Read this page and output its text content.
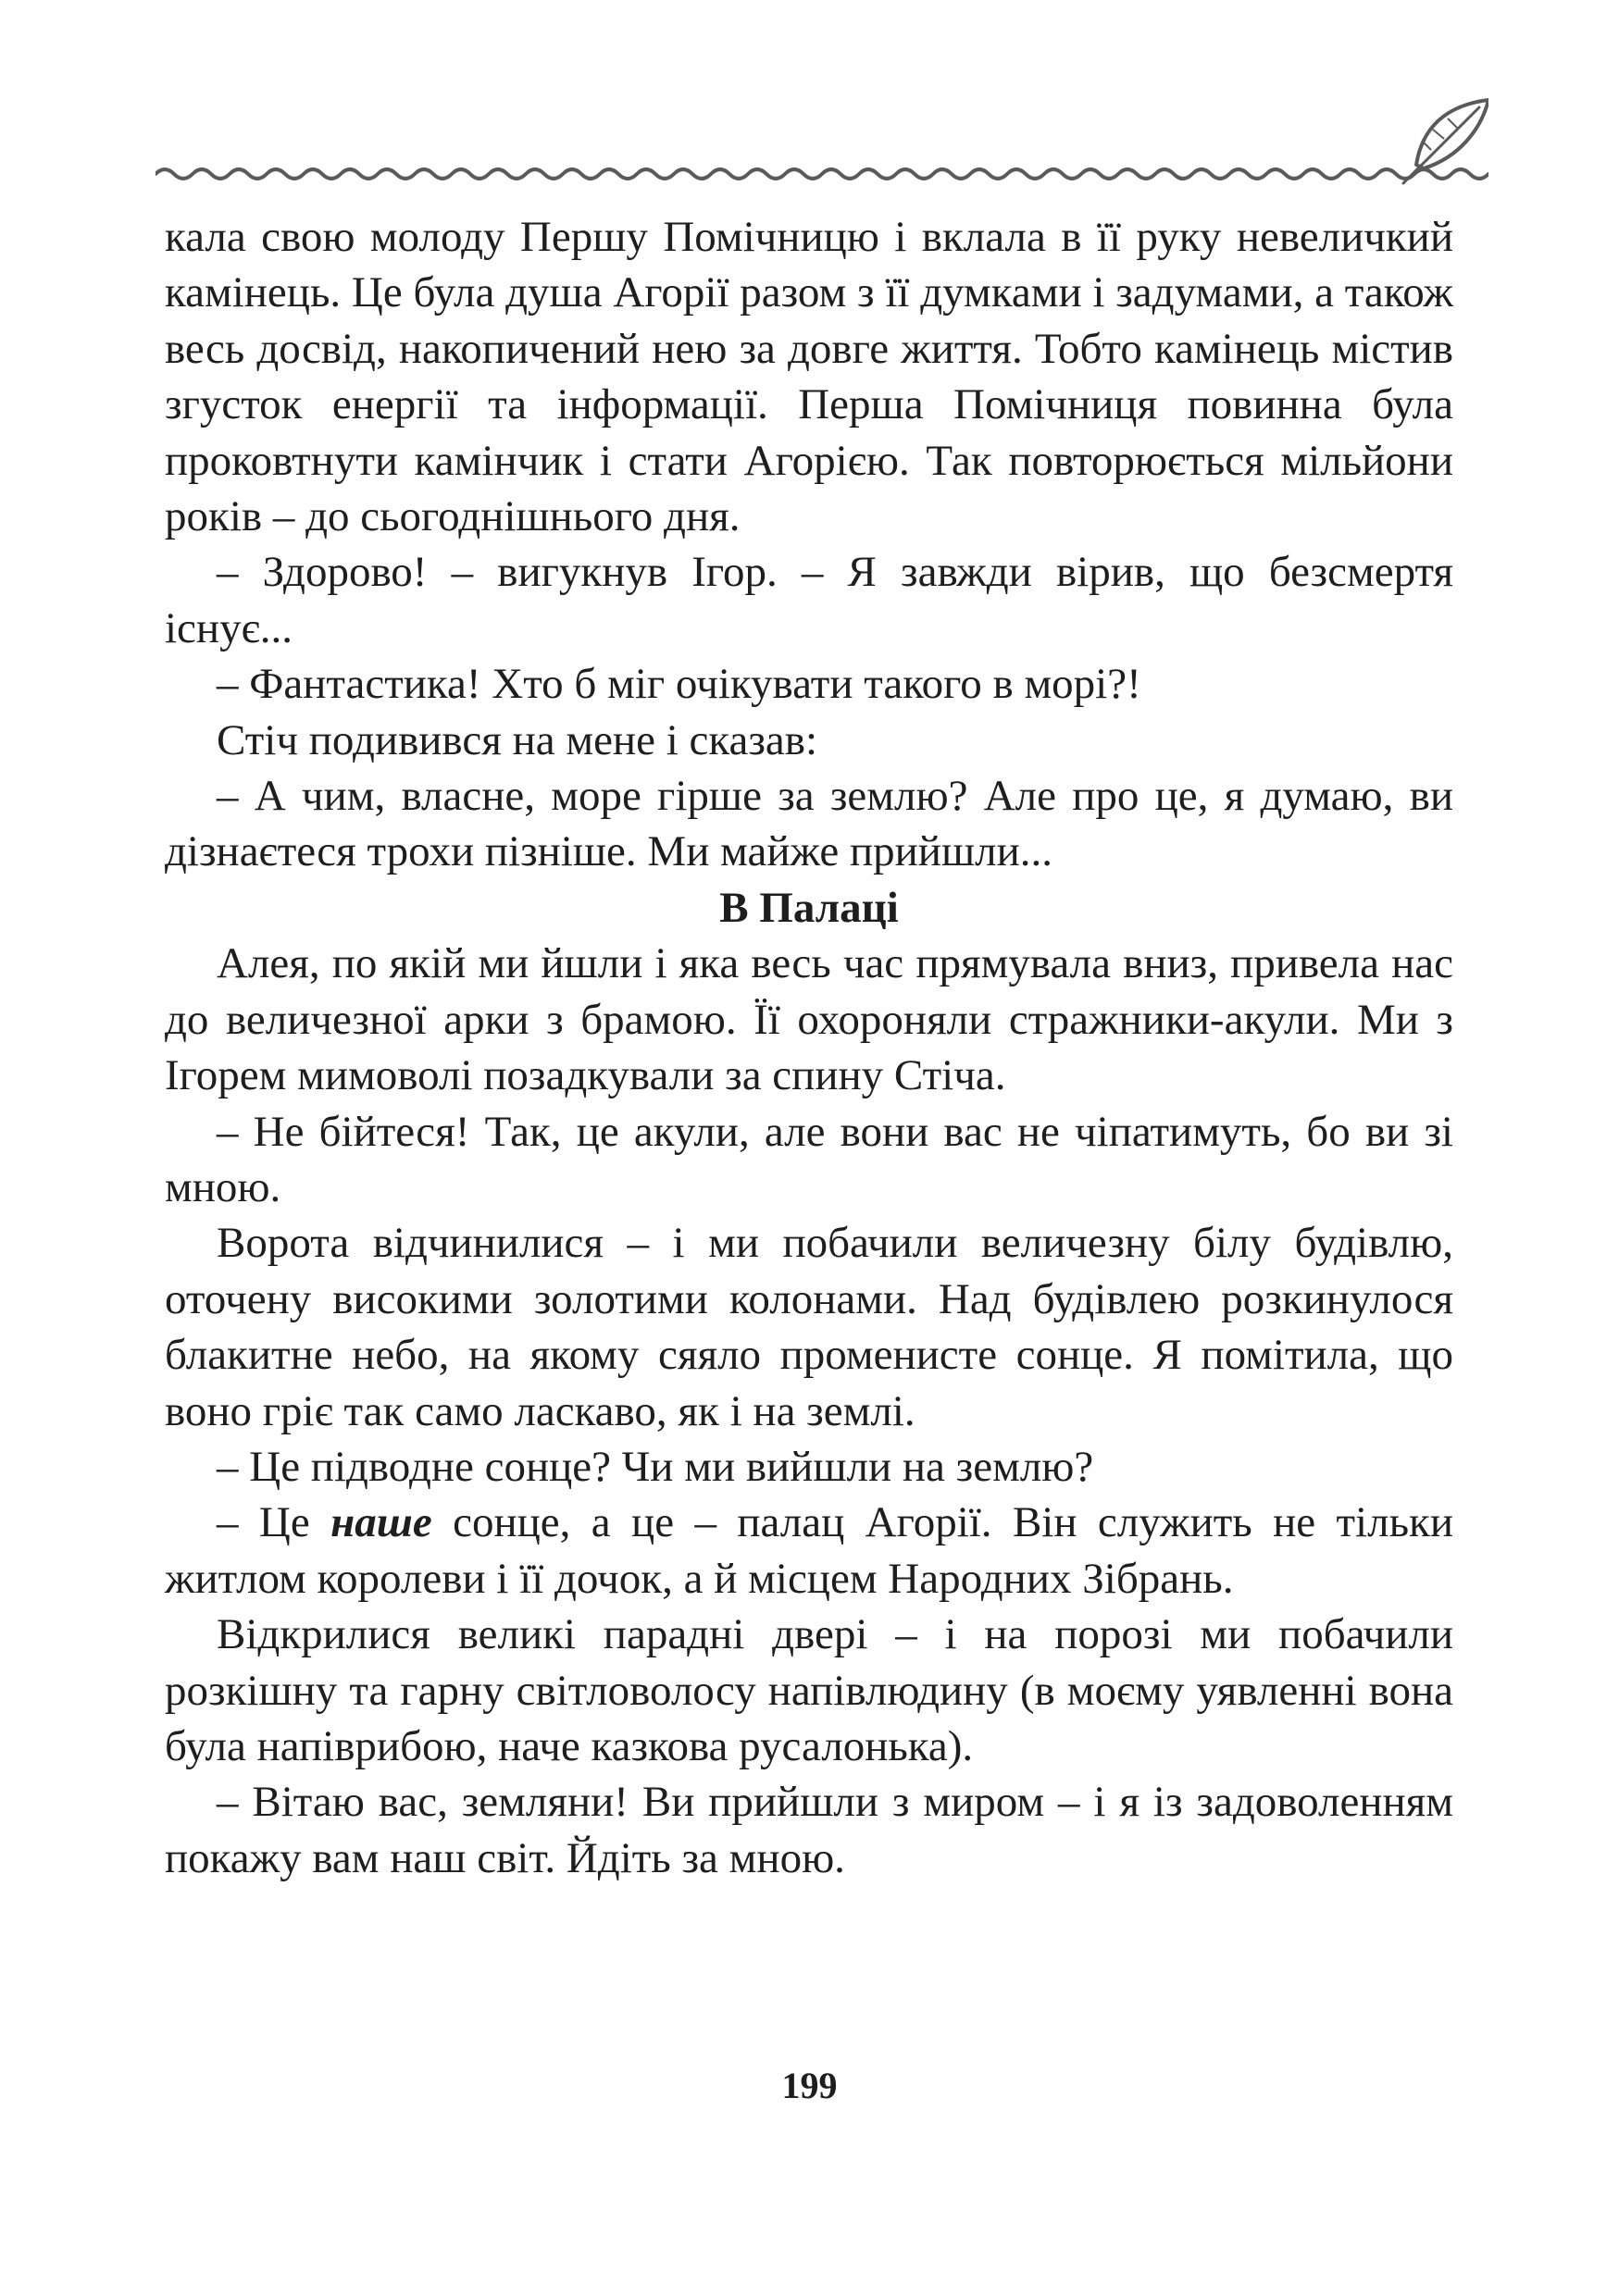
кала свою молоду Першу Помічницю і вклала в її руку невеличкий камінець. Це була душа Агорії разом з її думками і задумами, а також весь досвід, накопичений нею за довге життя. Тобто камінець містив згусток енергії та інформації. Перша Помічниця повинна була проковтнути камінчик і стати Агорією. Так повторюється мільйони років – до сьогоднішнього дня.

– Здорово! – вигукнув Ігор. – Я завжди вірив, що безсмертя існує...

– Фантастика! Хто б міг очікувати такого в морі?!

Стіч подивився на мене і сказав:

– А чим, власне, море гірше за землю? Але про це, я думаю, ви дізнаєтеся трохи пізніше. Ми майже прийшли...

В Палаці

Алея, по якій ми йшли і яка весь час прямувала вниз, привела нас до величезної арки з брамою. Її охороняли стражники-акули. Ми з Ігорем мимоволі позадкували за спину Стіча.

– Не бійтеся! Так, це акули, але вони вас не чіпатимуть, бо ви зі мною.

Ворота відчинилися – і ми побачили величезну білу будівлю, оточену високими золотими колонами. Над будівлею розкинулося блакитне небо, на якому сяяло променисте сонце. Я помітила, що воно гріє так само ласкаво, як і на землі.

– Це підводне сонце? Чи ми вийшли на землю?

– Це наше сонце, а це – палац Агорії. Він служить не тільки житлом королеви і її дочок, а й місцем Народних Зібрань.

Відкрилися великі парадні двері – і на порозі ми побачили розкішну та гарну світловолосу напівлюдину (в моєму уявленні вона була напіврибою, наче казкова русалонька).

– Вітаю вас, земляни! Ви прийшли з миром – і я із задоволенням покажу вам наш світ. Йдіть за мною.

199
